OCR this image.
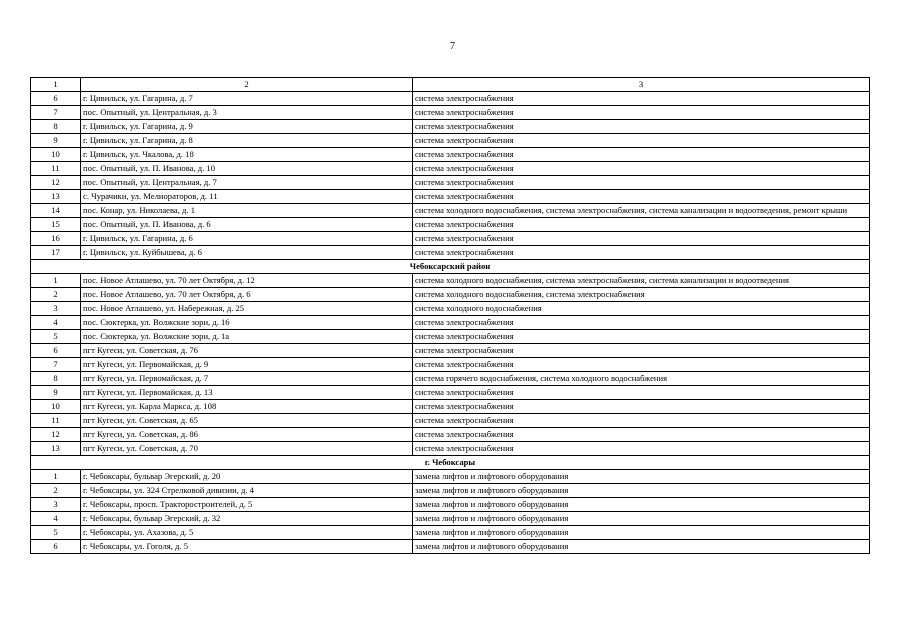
7
1	2	3
6	г. Цивильск, ул. Гагарина, д. 7	система электроснабжения
7	пос. Опытный, ул. Центральная, д. 3	система электроснабжения
8	г. Цивильск, ул. Гагарина, д. 9	система электроснабжения
9	г. Цивильск, ул. Гагарина, д. 8	система электроснабжения
10	г. Цивильск, ул. Чкалова, д. 18	система электроснабжения
11	пос. Опытный, ул. П. Иванова, д. 10	система электроснабжения
12	пос. Опытный, ул. Центральная, д. 7	система электроснабжения
13	с. Чурачики, ул. Мелиораторов, д. 11	система электроснабжения
14	пос. Конар, ул. Николаева, д. 1	система холодного водоснабжения, система электроснабжения, система канализации и водоотведения, ремонт крыши
15	пос. Опытный, ул. П. Иванова, д. 6	система электроснабжения
16	г. Цивильск, ул. Гагарина, д. 6	система электроснабжения
17	г. Цивильск, ул. Куйбышева, д. 6	система электроснабжения
Чебоксарский район		
1	пос. Новое Атлашево, ул. 70 лет Октября, д. 12	система холодного водоснабжения, система электроснабжения, система канализации и водоотведения
2	пос. Новое Атлашево, ул. 70 лет Октября, д. 6	система холодного водоснабжения, система электроснабжения
3	пос. Новое Атлашево, ул. Набережная, д. 25	система холодного водоснабжения
4	пос. Сюктерка, ул. Волжские зори, д. 16	система электроснабжения
5	пос. Сюктерка, ул. Волжские зори, д. 1а	система электроснабжения
6	пгт Кугеси, ул. Советская, д. 76	система электроснабжения
7	пгт Кугеси, ул. Первомайская, д. 9	система электроснабжения
8	пгт Кугеси, ул. Первомайская, д. 7	система горячего водоснабжения, система холодного водоснабжения
9	пгт Кугеси, ул. Первомайская, д. 13	система электроснабжения
10	пгт Кугеси, ул. Карла Маркса, д. 108	система электроснабжения
11	пгт Кугеси, ул. Советская, д. 65	система электроснабжения
12	пгт Кугеси, ул. Советская, д. 86	система электроснабжения
13	пгт Кугеси, ул. Советская, д. 70	система электроснабжения
г. Чебоксары		
1	г. Чебоксары, бульвар Эгерский, д. 20	замена лифтов и лифтового оборудования
2	г. Чебоксары, ул. 324 Стрелковой дивизии, д. 4	замена лифтов и лифтового оборудования
3	г. Чебоксары, просп. Тракторостроителей, д. 5	замена лифтов и лифтового оборудования
4	г. Чебоксары, бульвар Эгерский, д. 32	замена лифтов и лифтового оборудования
5	г. Чебоксары, ул. Ахазова, д. 5	замена лифтов и лифтового оборудования
6	г. Чебоксары, ул. Гоголя, д. 5	замена лифтов и лифтового оборудования
